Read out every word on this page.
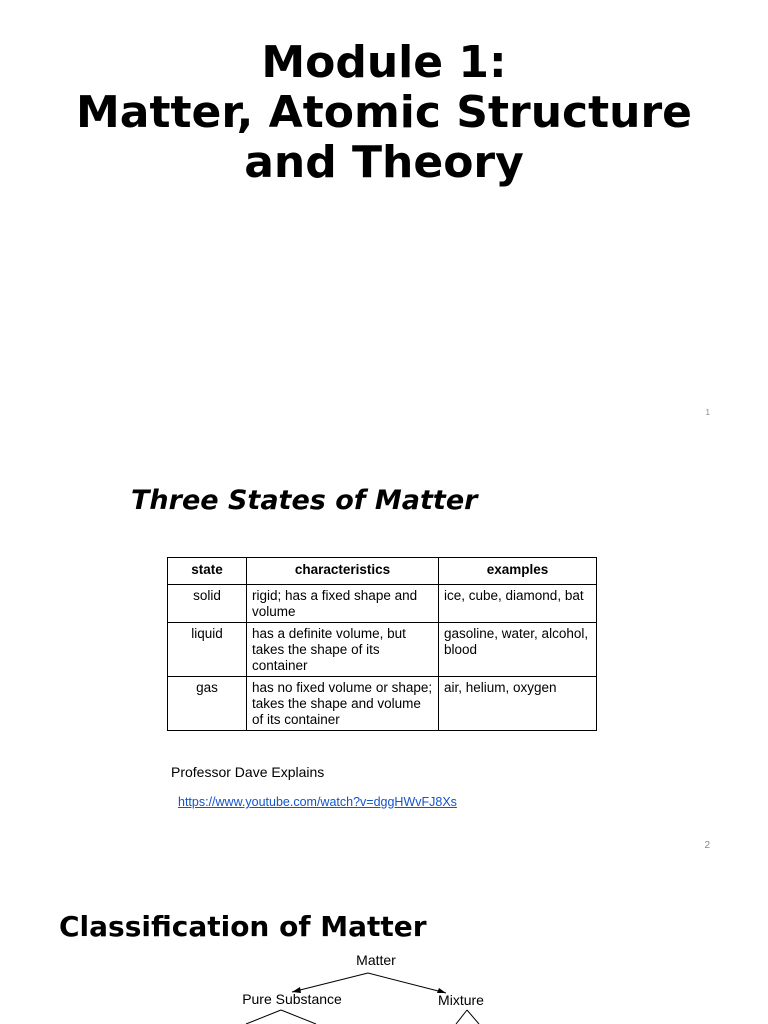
Module 1:
Matter, Atomic Structure
and Theory
1
Three States of Matter
state	characteristics	examples
solid	rigid; has a fixed shape and volume	ice, cube, diamond, bat
liquid	has a definite volume, but takes the shape of its container	gasoline, water, alcohol, blood
gas	has no fixed volume or shape; takes the shape and volume of its container	air, helium, oxygen
Professor Dave Explains
https://www.youtube.com/watch?v=dggHWvFJ8Xs
2
Classification of Matter
Matter
Pure Substance	Mixture
